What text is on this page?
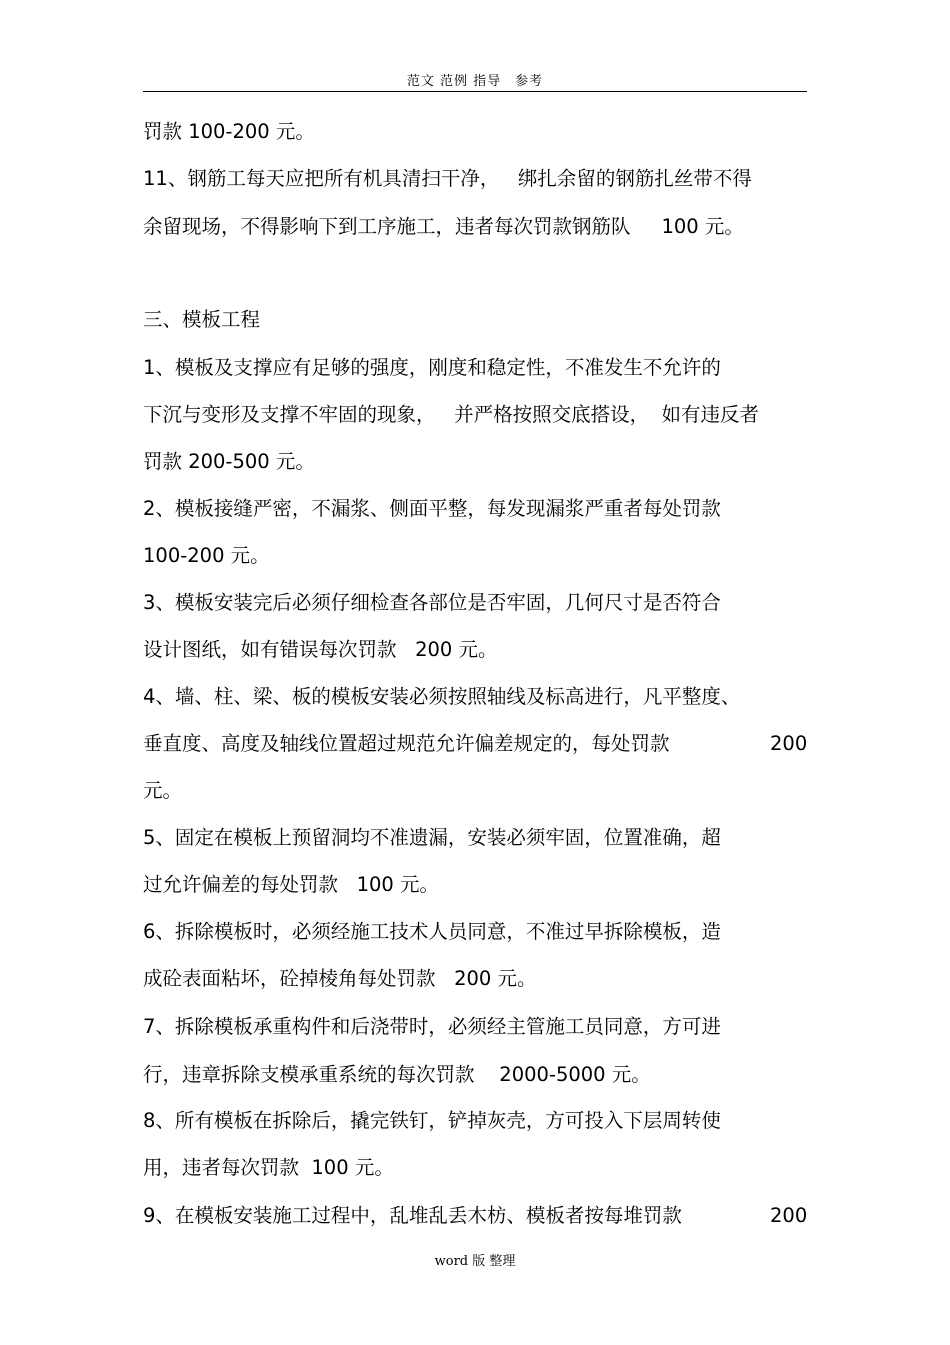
范文 范例 指导　参考
罚款 100-200 元。
11、钢筋工每天应把所有机具清扫干净，   绑扎余留的钢筋扎丝带不得
余留现场，不得影响下到工序施工，违者每次罚款钢筋队     100 元。
三、模板工程
1、模板及支撑应有足够的强度，刚度和稳定性，不准发生不允许的
下沉与变形及支撑不牢固的现象，   并严格按照交底搭设，  如有违反者
罚款 200-500 元。
2、模板接缝严密，不漏浆、侧面平整，每发现漏浆严重者每处罚款
100-200 元。
3、模板安装完后必须仔细检查各部位是否牢固，几何尺寸是否符合
设计图纸，如有错误每次罚款   200 元。
4、墙、柱、梁、板的模板安装必须按照轴线及标高进行，凡平整度、
垂直度、高度及轴线位置超过规范允许偏差规定的，每处罚款	200
元。
5、固定在模板上预留洞均不准遗漏，安装必须牢固，位置准确，超
过允许偏差的每处罚款   100 元。
6、拆除模板时，必须经施工技术人员同意，不准过早拆除模板，造
成砼表面粘坏，砼掉棱角每处罚款   200 元。
7、拆除模板承重构件和后浇带时，必须经主管施工员同意，方可进
行，违章拆除支模承重系统的每次罚款    2000-5000 元。
8、所有模板在拆除后，撬完铁钉，铲掉灰壳，方可投入下层周转使
用，违者每次罚款  100 元。
9、在模板安装施工过程中，乱堆乱丢木枋、模板者按每堆罚款	200
word 版 整理
